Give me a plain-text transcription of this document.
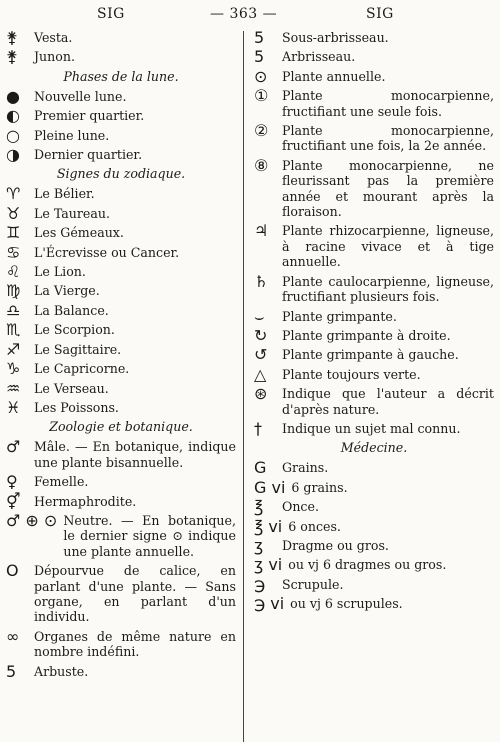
SIG	— 363 —	SIG
⚵	Vesta.
⚵	Junon.
Phases de la lune.
●	Nouvelle lune.
◐	Premier quartier.
○	Pleine lune.
◑	Dernier quartier.
Signes du zodiaque.
♈	Le Bélier.
♉	Le Taureau.
♊	Les Gémeaux.
♋	L'Écrevisse ou Cancer.
♌	Le Lion.
♍	La Vierge.
♎	La Balance.
♏	Le Scorpion.
♐	Le Sagittaire.
♑	Le Capricorne.
♒	Le Verseau.
♓	Les Poissons.
Zoologie et botanique.
♂	Mâle. — En botanique, indique une plante bisannuelle.
♀	Femelle.
⚥	Hermaphrodite.
♂ ⊕ ⊙ Neutre. — En botanique, le dernier signe ⊙ indique une plante annuelle.
O	Dépourvue de calice, en parlant d'une plante. — Sans organe, en parlant d'un individu.
∞	Organes de même nature en nombre indéfini.
5	Arbuste.
5	Sous-arbrisseau.
5	Arbrisseau.
⊙	Plante annuelle.
①	Plante monocarpienne, fructifiant une seule fois.
②	Plante monocarpienne, fructifiant une fois, la 2e année.
⑧	Plante monocarpienne, ne fleurissant pas la première année et mourant après la floraison.
♃	Plante rhizocarpienne, ligneuse, à racine vivace et à tige annuelle.
♄	Plante caulocarpienne, ligneuse, fructifiant plusieurs fois.
⌣	Plante grimpante.
↻	Plante grimpante à droite.
↺	Plante grimpante à gauche.
△	Plante toujours verte.
⊛	Indique que l'auteur a décrit d'après nature.
†	Indique un sujet mal connu.
Médecine.
G	Grains.
G vi 6 grains.
℥	Once.
℥ vi 6 onces.
ʒ	Dragme ou gros.
ʒ vi ou vj 6 dragmes ou gros.
℈	Scrupule.
℈ vi ou vj 6 scrupules.
